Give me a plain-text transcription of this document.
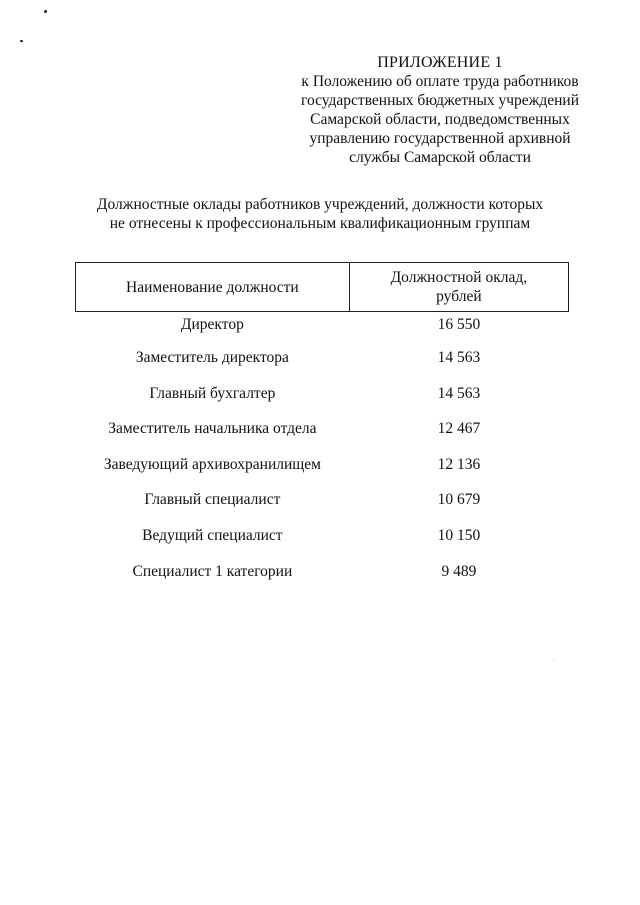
ПРИЛОЖЕНИЕ 1
к Положению об оплате труда работников
государственных бюджетных учреждений
Самарской области, подведомственных
управлению государственной архивной
службы Самарской области
Должностные оклады работников учреждений, должности которых
не отнесены к профессиональным квалификационным группам
Наименование должности	Должностной оклад,
рублей

Директор	16 550
Заместитель директора	14 563
Главный бухгалтер	14 563
Заместитель начальника отдела	12 467
Заведующий архивохранилищем	12 136
Главный специалист	10 679
Ведущий специалист	10 150
Специалист 1 категории	9 489
